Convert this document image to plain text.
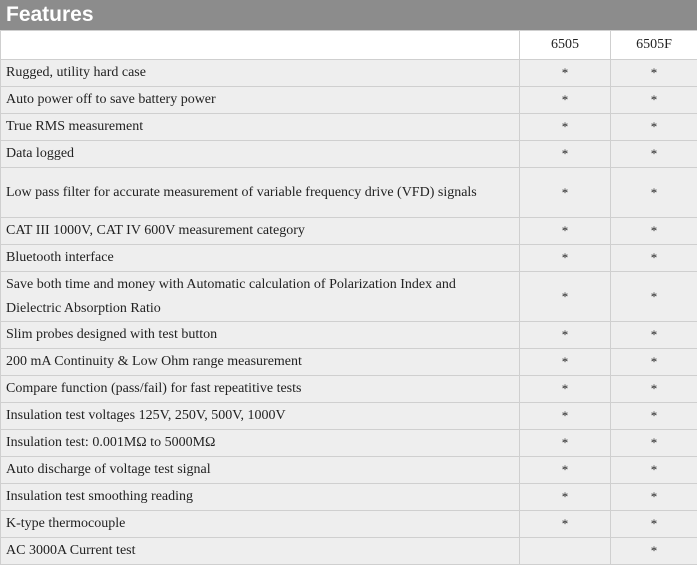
Features
	6505	6505F
Rugged, utility hard case	*	*
Auto power off to save battery power	*	*
True RMS measurement	*	*
Data logged	*	*
Low pass filter for accurate measurement of variable frequency drive (VFD) signals	*	*
CAT III 1000V, CAT IV 600V measurement category	*	*
Bluetooth interface	*	*
Save both time and money with Automatic calculation of Polarization Index and Dielectric Absorption Ratio	*	*
Slim probes designed with test button	*	*
200 mA Continuity & Low Ohm range measurement	*	*
Compare function (pass/fail) for fast repeatitive tests	*	*
Insulation test voltages 125V, 250V, 500V, 1000V	*	*
Insulation test: 0.001MΩ to 5000MΩ	*	*
Auto discharge of voltage test signal	*	*
Insulation test smoothing reading	*	*
K-type thermocouple	*	*
AC 3000A Current test		*
